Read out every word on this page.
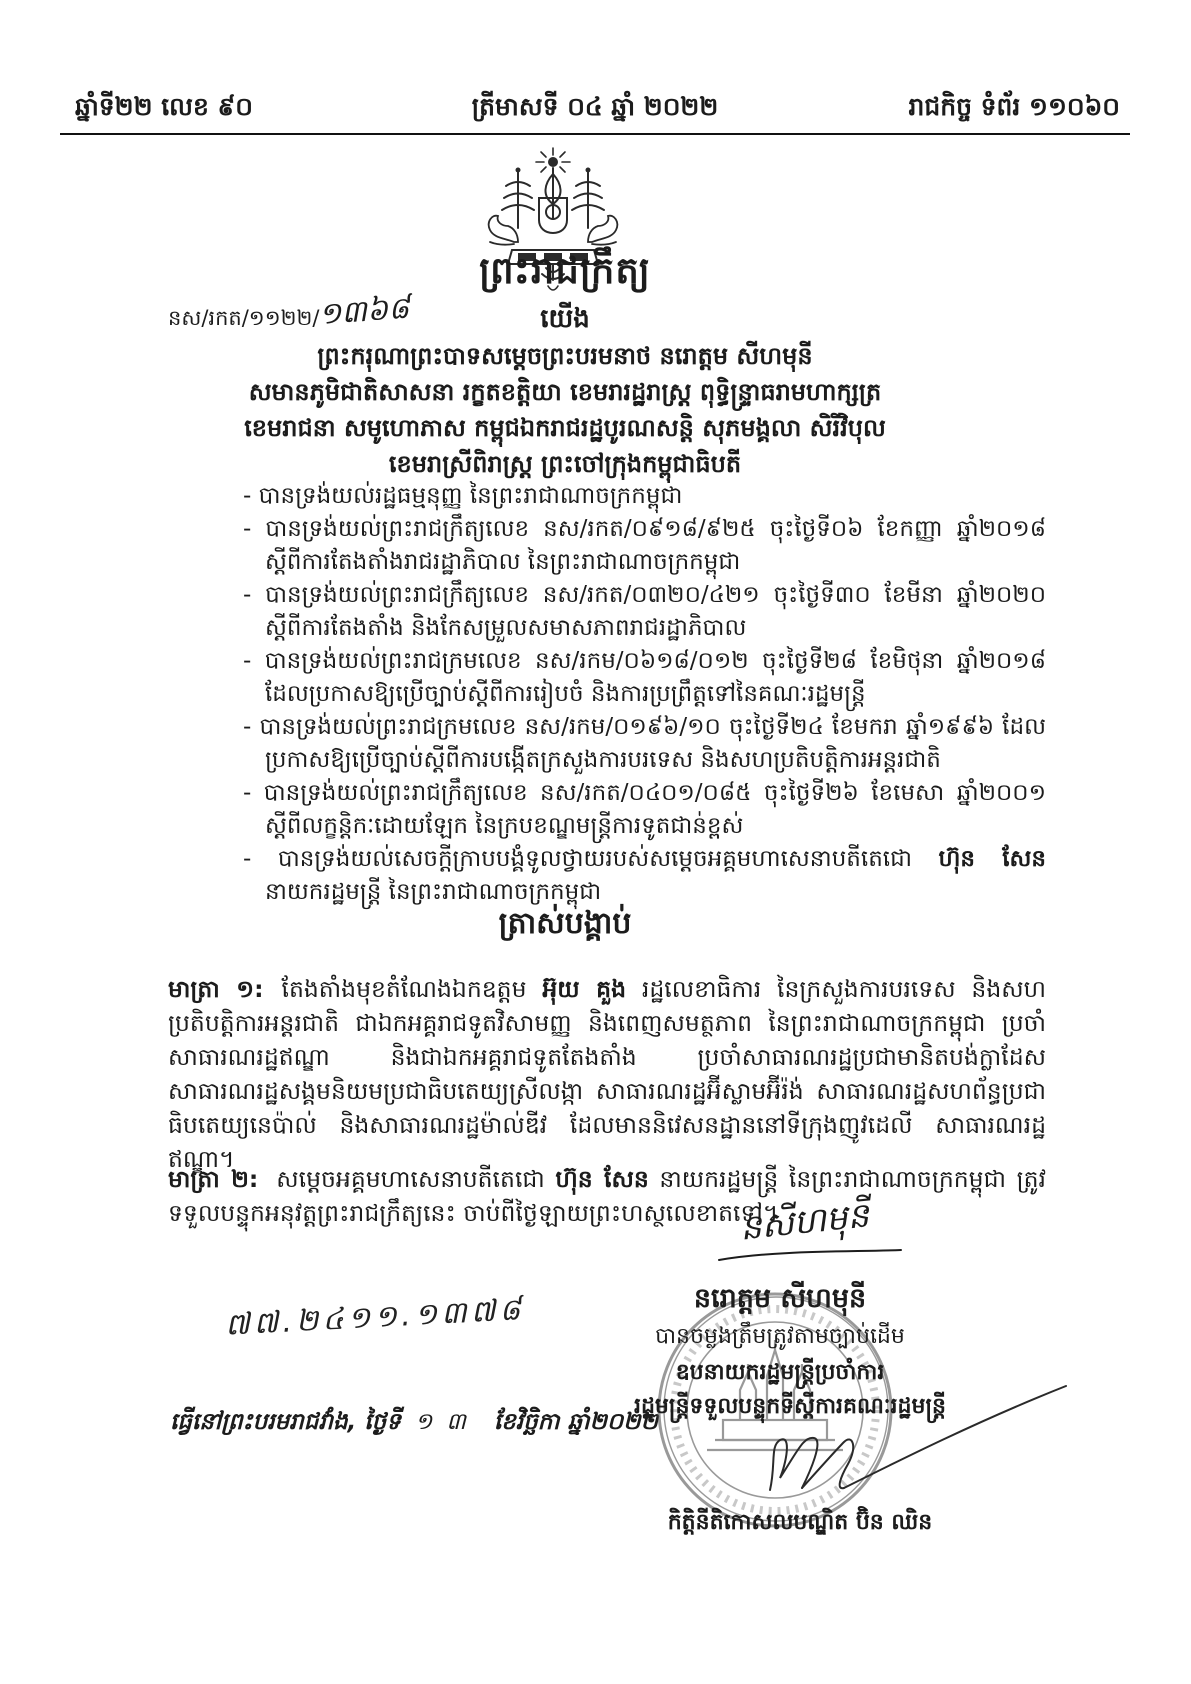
ឆ្នាំទី២២ លេខ ៩០	ត្រីមាសទី ០៤ ឆ្នាំ ២០២២	រាជកិច្ច ទំព័រ ១១០៦០
ព្រះរាជក្រឹត្យ
យើង
នស/រកត/១១២២/១៣៦៨
ព្រះករុណាព្រះបាទសម្តេចព្រះបរមនាថ នរោត្តម សីហមុនី
សមានភូមិជាតិសាសនា រក្ខតខត្តិយា ខេមរារដ្ឋរាស្ត្រ ពុទ្ធិន្ទ្រាធរាមហាក្សត្រ
ខេមរាជនា សមូហោភាស កម្ពុជឯករាជរដ្ឋបូរណសន្តិ សុភមង្គលា សិរីវិបុល
ខេមរាស្រីពិរាស្ត្រ ព្រះចៅក្រុងកម្ពុជាធិបតី
- បានទ្រង់យល់រដ្ឋធម្មនុញ្ញ នៃព្រះរាជាណាចក្រកម្ពុជា
- បានទ្រង់យល់ព្រះរាជក្រឹត្យលេខ នស/រកត/០៩១៨/៩២៥ ចុះថ្ងៃទី០៦ ខែកញ្ញា ឆ្នាំ២០១៨ ស្តីពីការតែងតាំងរាជរដ្ឋាភិបាល នៃព្រះរាជាណាចក្រកម្ពុជា
- បានទ្រង់យល់ព្រះរាជក្រឹត្យលេខ នស/រកត/០៣២០/៤២១ ចុះថ្ងៃទី៣០ ខែមីនា ឆ្នាំ២០២០ ស្តីពីការតែងតាំង និងកែសម្រួលសមាសភាពរាជរដ្ឋាភិបាល
- បានទ្រង់យល់ព្រះរាជក្រមលេខ នស/រកម/០៦១៨/០១២ ចុះថ្ងៃទី២៨ ខែមិថុនា ឆ្នាំ២០១៨ ដែលប្រកាសឱ្យប្រើច្បាប់ស្តីពីការរៀបចំ និងការប្រព្រឹត្តទៅនៃគណៈរដ្ឋមន្ត្រី
- បានទ្រង់យល់ព្រះរាជក្រមលេខ នស/រកម/០១៩៦/១០ ចុះថ្ងៃទី២៤ ខែមករា ឆ្នាំ១៩៩៦ ដែលប្រកាសឱ្យប្រើច្បាប់ស្តីពីការបង្កើតក្រសួងការបរទេស និងសហប្រតិបត្តិការអន្តរជាតិ
- បានទ្រង់យល់ព្រះរាជក្រឹត្យលេខ នស/រកត/០៤០១/០៨៥ ចុះថ្ងៃទី២៦ ខែមេសា ឆ្នាំ២០០១ ស្តីពីលក្ខន្តិកៈដោយឡែក នៃក្របខណ្ឌមន្ត្រីការទូតជាន់ខ្ពស់
- បានទ្រង់យល់សេចក្តីក្រាបបង្គំទូលថ្វាយរបស់សម្តេចអគ្គមហាសេនាបតីតេជោ ហ៊ុន សែន នាយករដ្ឋមន្ត្រី នៃព្រះរាជាណាចក្រកម្ពុជា
ត្រាស់បង្គាប់
មាត្រា ១: តែងតាំងមុខតំណែងឯកឧត្តម អ៊ុយ គួង រដ្ឋលេខាធិការ នៃក្រសួងការបរទេស និងសហប្រតិបត្តិការអន្តរជាតិ ជាឯកអគ្គរាជទូតវិសាមញ្ញ និងពេញសមត្ថភាព នៃព្រះរាជាណាចក្រកម្ពុជា ប្រចាំសាធារណរដ្ឋឥណ្ឌា និងជាឯកអគ្គរាជទូតតែងតាំង ប្រចាំសាធារណរដ្ឋប្រជាមានិតបង់ក្លាដែស សាធារណរដ្ឋសង្គមនិយមប្រជាធិបតេយ្យស្រីលង្កា សាធារណរដ្ឋអ៊ីស្លាមអ៊ីរ៉ង់ សាធារណរដ្ឋសហព័ន្ធប្រជាធិបតេយ្យនេប៉ាល់ និងសាធារណរដ្ឋម៉ាល់ឌីវ ដែលមាននិវេសនដ្ឋាននៅទីក្រុងញូវដេលី សាធារណរដ្ឋឥណ្ឌា។
មាត្រា ២: សម្តេចអគ្គមហាសេនាបតីតេជោ ហ៊ុន សែន នាយករដ្ឋមន្ត្រី នៃព្រះរាជាណាចក្រកម្ពុជា ត្រូវទទួលបន្ទុកអនុវត្តព្រះរាជក្រឹត្យនេះ ចាប់ពីថ្ងៃឡាយព្រះហស្ថលេខាតទៅ។
៧៧.២៤១១.១៣៧៨
ធ្វើនៅព្រះបរមរាជវាំង, ថ្ងៃទី ១៣ ខែវិច្ឆិកា ឆ្នាំ២០២២
នសីហមុនី
នរោត្តម សីហមុនី
បានចម្លងត្រឹមត្រូវតាមច្បាប់ដើម
ឧបនាយករដ្ឋមន្ត្រីប្រចាំការ
រដ្ឋមន្ត្រីទទួលបន្ទុកទីស្តីការគណៈរដ្ឋមន្ត្រី
កិត្តិនីតិកោសលបណ្ឌិត ប៊ិន ឈិន
